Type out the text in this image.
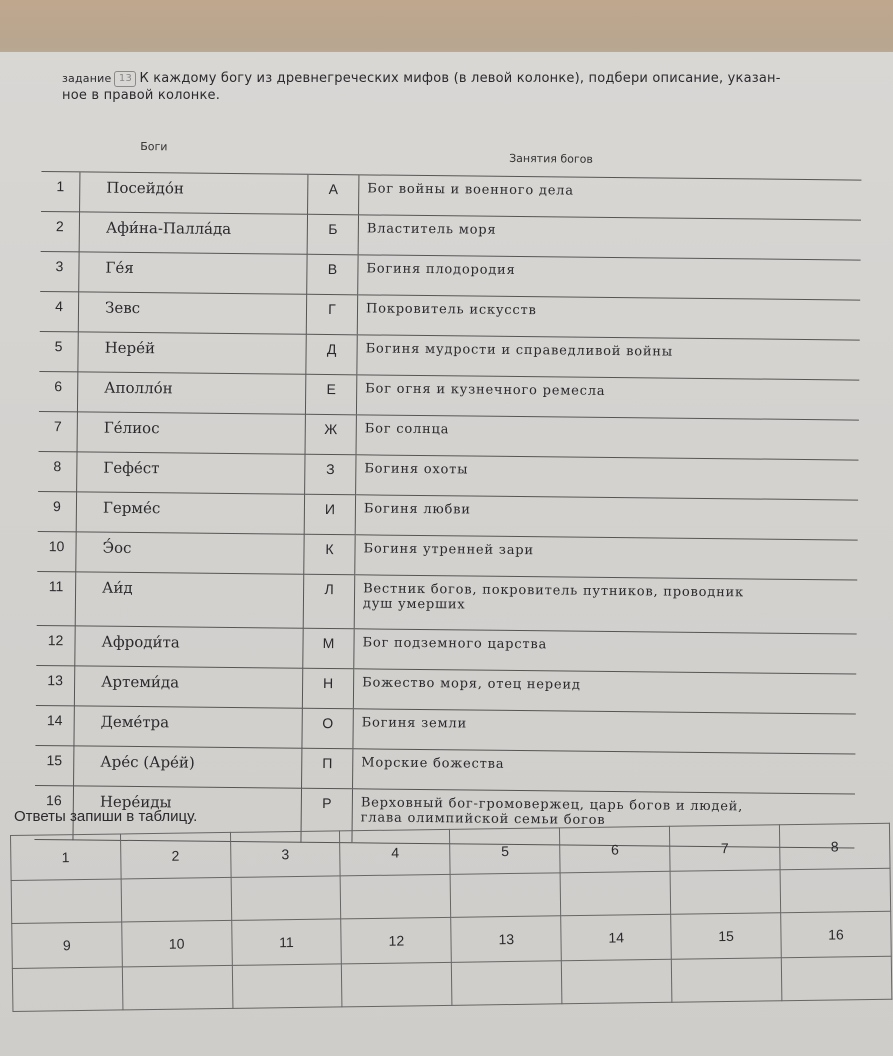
задание 13 К каждому богу из древнегреческих мифов (в левой колонке), подбери описание, указан-
ное в правой колонке.
	Боги		Занятия богов
1	Посейдо́н	А	Бог войны и военного дела
2	Афи́на-Палла́да	Б	Властитель моря
3	Ге́я	В	Богиня плодородия
4	Зевс	Г	Покровитель искусств
5	Нере́й	Д	Богиня мудрости и справедливой войны
6	Аполло́н	Е	Бог огня и кузнечного ремесла
7	Ге́лиос	Ж	Бог солнца
8	Гефе́ст	З	Богиня охоты
9	Герме́с	И	Богиня любви
10	Э́ос	К	Богиня утренней зари
11	Аи́д	Л	Вестник богов, покровитель путников, проводник
душ умерших
12	Афроди́та	М	Бог подземного царства
13	Артеми́да	Н	Божество моря, отец нереид
14	Деме́тра	О	Богиня земли
15	Аре́с (Аре́й)	П	Морские божества
16	Нере́иды	Р	Верховный бог-громовержец, царь богов и людей,
глава олимпийской семьи богов
Ответы запиши в таблицу.
1	2	3	4	5	6	7	8

9	10	11	12	13	14	15	16
